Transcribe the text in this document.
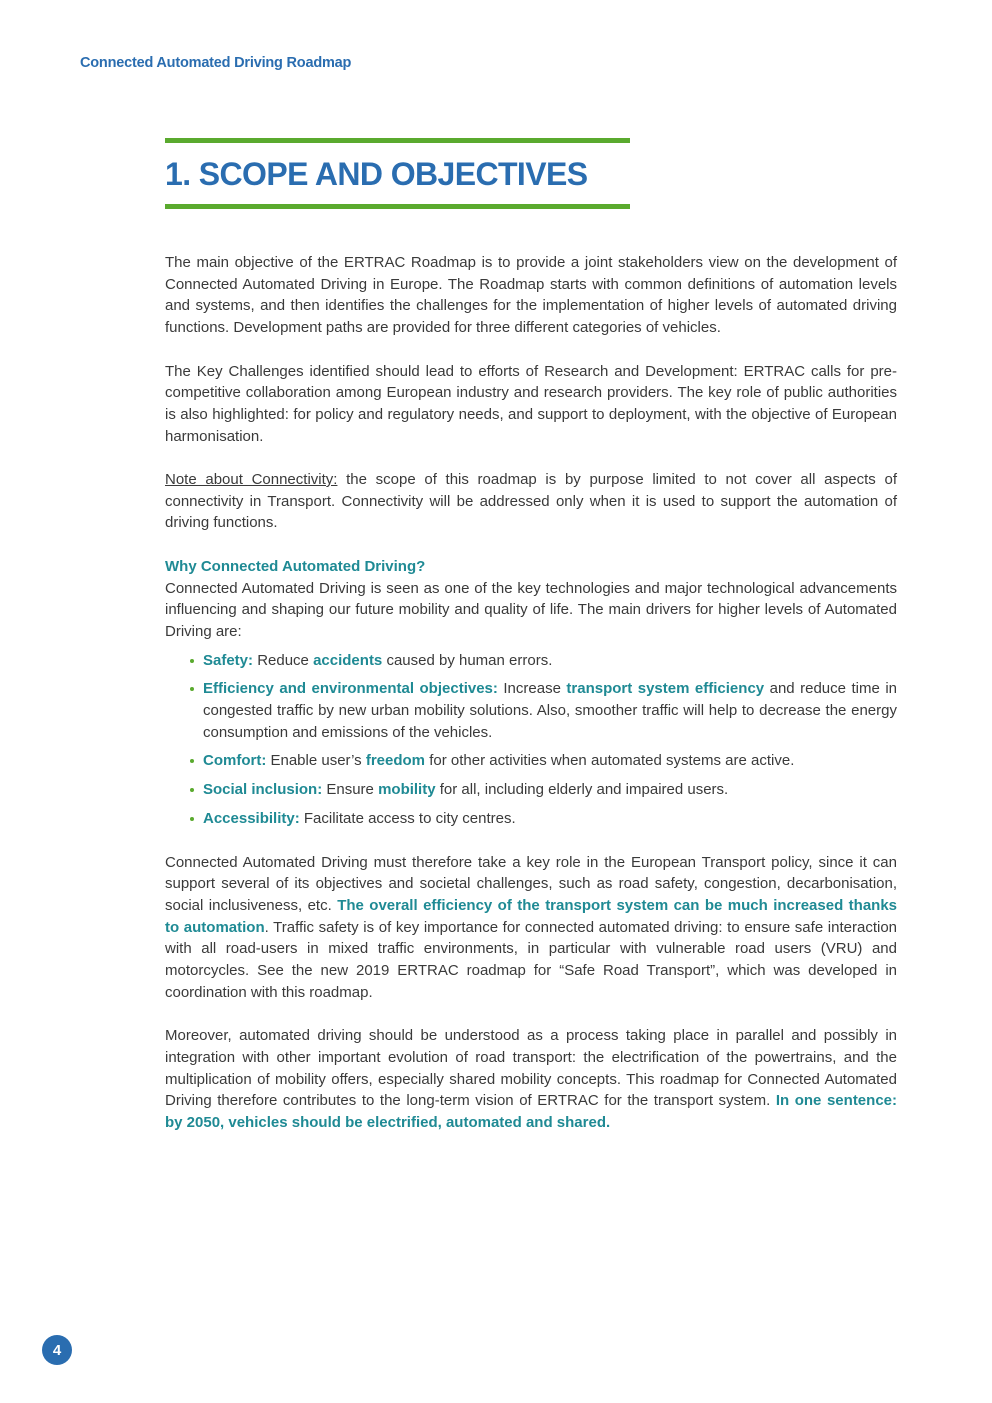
Connected Automated Driving Roadmap
1. SCOPE AND OBJECTIVES

The main objective of the ERTRAC Roadmap is to provide a joint stakeholders view on the development of Connected Automated Driving in Europe. The Roadmap starts with common definitions of automation levels and systems, and then identifies the challenges for the implementation of higher levels of automated driving functions. Development paths are provided for three different categories of vehicles.

The Key Challenges identified should lead to efforts of Research and Development: ERTRAC calls for pre-competitive collaboration among European industry and research providers. The key role of public authorities is also highlighted: for policy and regulatory needs, and support to deployment, with the objective of European harmonisation.

Note about Connectivity: the scope of this roadmap is by purpose limited to not cover all aspects of connectivity in Transport. Connectivity will be addressed only when it is used to support the automation of driving functions.

Why Connected Automated Driving?

Connected Automated Driving is seen as one of the key technologies and major technological advancements influencing and shaping our future mobility and quality of life. The main drivers for higher levels of Automated Driving are:

Safety: Reduce accidents caused by human errors.
Efficiency and environmental objectives: Increase transport system efficiency and reduce time in congested traffic by new urban mobility solutions. Also, smoother traffic will help to decrease the energy consumption and emissions of the vehicles.
Comfort: Enable user’s freedom for other activities when automated systems are active.
Social inclusion: Ensure mobility for all, including elderly and impaired users.
Accessibility: Facilitate access to city centres.

Connected Automated Driving must therefore take a key role in the European Transport policy, since it can support several of its objectives and societal challenges, such as road safety, congestion, decarbonisation, social inclusiveness, etc. The overall efficiency of the transport system can be much increased thanks to automation. Traffic safety is of key importance for connected automated driving: to ensure safe interaction with all road-users in mixed traffic environments, in particular with vulnerable road users (VRU) and motorcycles. See the new 2019 ERTRAC roadmap for “Safe Road Transport”, which was developed in coordination with this roadmap.

Moreover, automated driving should be understood as a process taking place in parallel and possibly in integration with other important evolution of road transport: the electrification of the powertrains, and the multiplication of mobility offers, especially shared mobility concepts. This roadmap for Connected Automated Driving therefore contributes to the long-term vision of ERTRAC for the transport system. In one sentence: by 2050, vehicles should be electrified, automated and shared.

4
